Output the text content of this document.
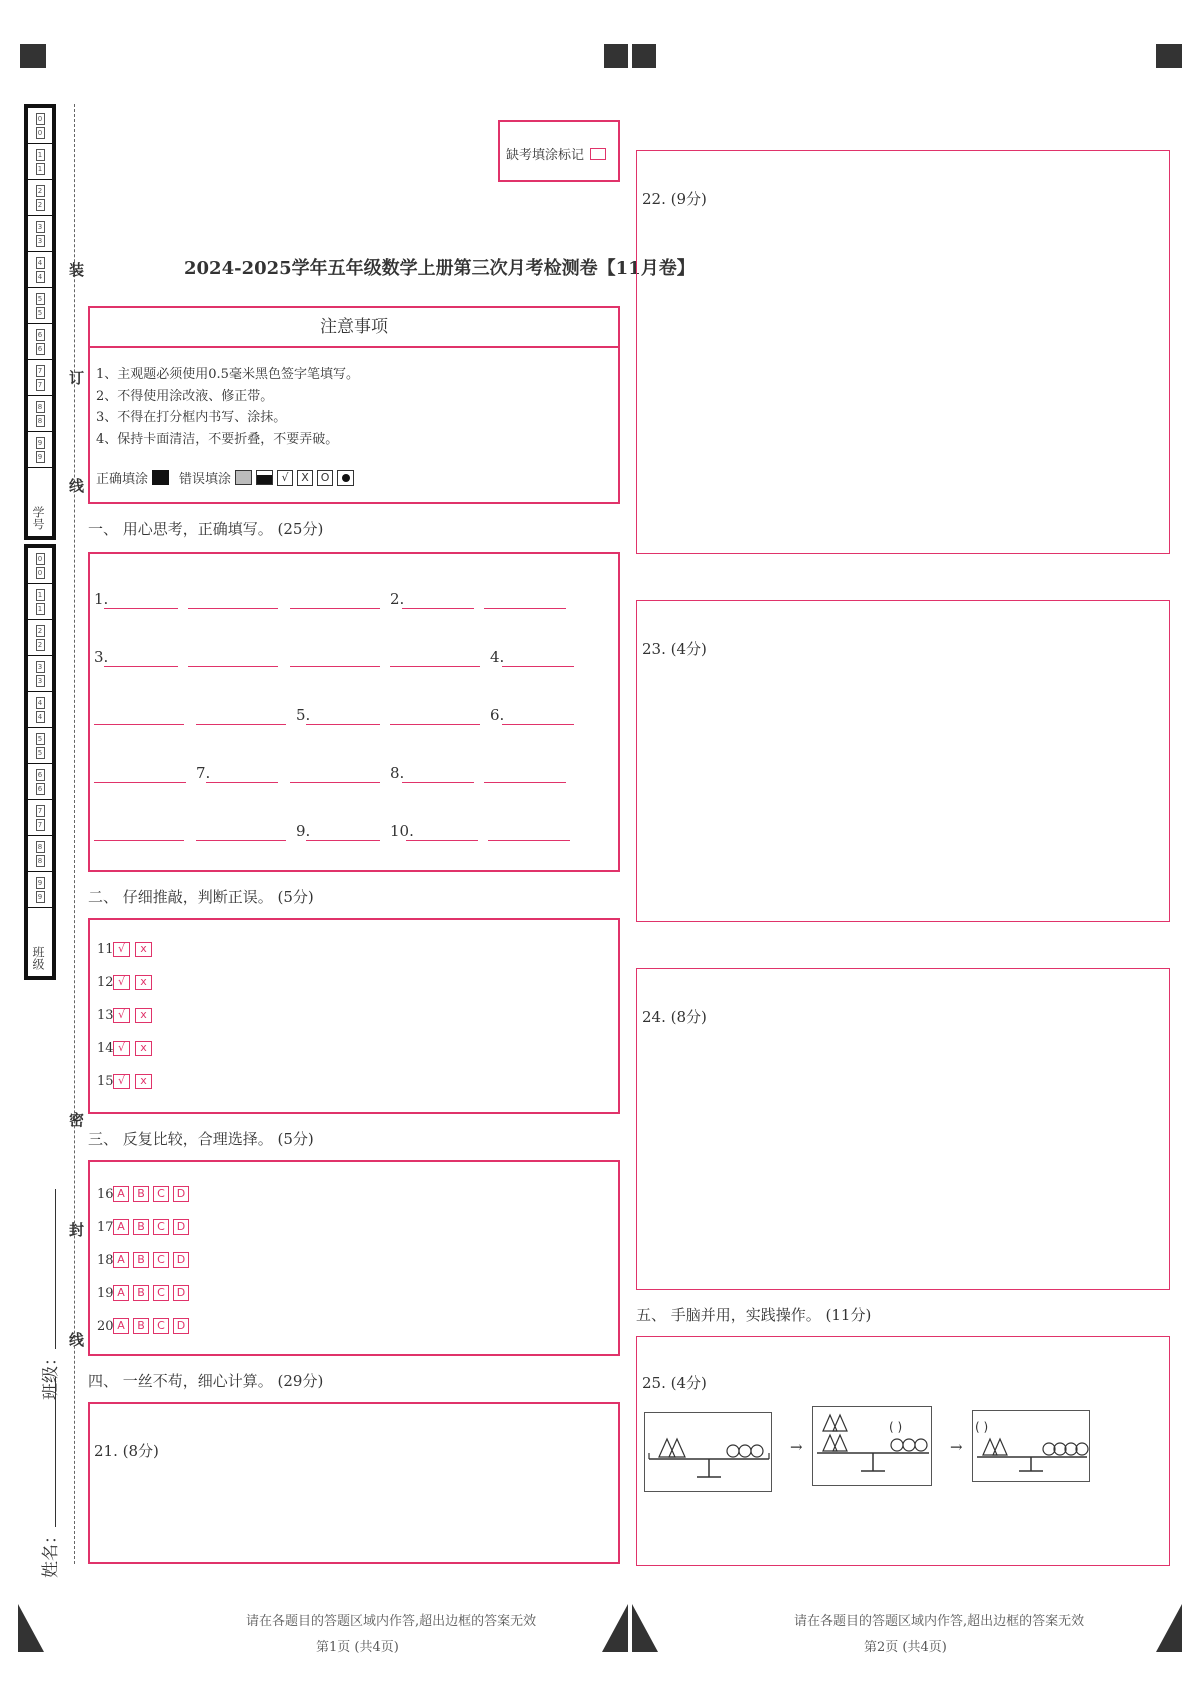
0
0
1
1
2
2
3
3
4
4
5
5
6
6
7
7
8
8
9
9
学号
0
0
1
1
2
2
3
3
4
4
5
5
6
6
7
7
8
8
9
9
班级
装
订
线
密
封
线
姓名：
班级：
缺考填涂标记
2024-2025学年五年级数学上册第三次月考检测卷【11月卷】
注意事项
1、主观题必须使用0.5毫米黑色签字笔填写。
2、不得使用涂改液、修正带。
3、不得在打分框内书写、涂抹。
4、保持卡面清洁，不要折叠，不要弄破。
正确填涂 错误填涂	√	X	O
一、 用心思考，正确填写。 (25分)
1.	2.
3.	4.
5.	6.
7.	8.
9.	10.
二、 仔细推敲，判断正误。 (5分)
11 √ x
12 √ x
13 √ x
14 √ x
15 √ x
三、 反复比较，合理选择。 (5分)
16 A B C D
17 A B C D
18 A B C D
19 A B C D
20 A B C D
四、 一丝不苟，细心计算。 (29分)
21. (8分)
22. (9分)
23. (4分)
24. (8分)
五、 手脑并用，实践操作。 (11分)
25. (4分)
→
( )
→
( )
请在各题目的答题区域内作答,超出边框的答案无效
第1页 (共4页)
请在各题目的答题区域内作答,超出边框的答案无效
第2页 (共4页)
